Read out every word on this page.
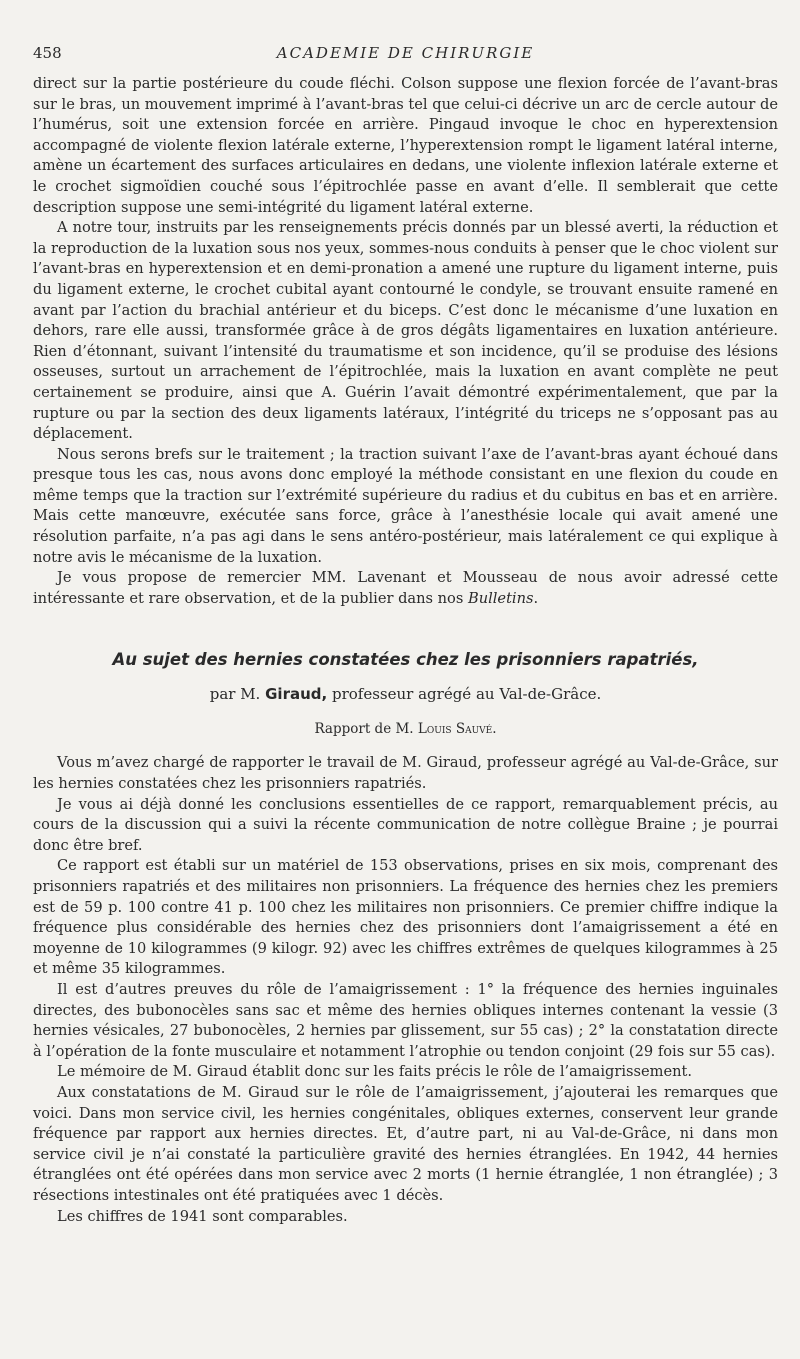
458	ACADEMIE DE CHIRURGIE

direct sur la partie postérieure du coude fléchi. Colson suppose une flexion forcée de l’avant-bras sur le bras, un mouvement imprimé à l’avant-bras tel que celui-ci décrive un arc de cercle autour de l’humérus, soit une extension forcée en arrière. Pingaud invoque le choc en hyperextension accompagné de violente flexion latérale externe, l’hyperextension rompt le ligament latéral interne, amène un écartement des surfaces articulaires en dedans, une violente inflexion latérale externe et le crochet sigmoïdien couché sous l’épitrochlée passe en avant d’elle. Il semblerait que cette description suppose une semi-intégrité du ligament latéral externe.

A notre tour, instruits par les renseignements précis donnés par un blessé averti, la réduction et la reproduction de la luxation sous nos yeux, sommes-nous conduits à penser que le choc violent sur l’avant-bras en hyperextension et en demi-pronation a amené une rupture du ligament interne, puis du ligament externe, le crochet cubital ayant contourné le condyle, se trouvant ensuite ramené en avant par l’action du brachial antérieur et du biceps. C’est donc le mécanisme d’une luxation en dehors, rare elle aussi, transformée grâce à de gros dégâts ligamentaires en luxation antérieure. Rien d’étonnant, suivant l’intensité du traumatisme et son incidence, qu’il se produise des lésions osseuses, surtout un arrachement de l’épitrochlée, mais la luxation en avant complète ne peut certainement se produire, ainsi que A. Guérin l’avait démontré expérimentalement, que par la rupture ou par la section des deux ligaments latéraux, l’intégrité du triceps ne s’opposant pas au déplacement.

Nous serons brefs sur le traitement ; la traction suivant l’axe de l’avant-bras ayant échoué dans presque tous les cas, nous avons donc employé la méthode consistant en une flexion du coude en même temps que la traction sur l’extrémité supérieure du radius et du cubitus en bas et en arrière. Mais cette manœuvre, exécutée sans force, grâce à l’anesthésie locale qui avait amené une résolution parfaite, n’a pas agi dans le sens antéro-postérieur, mais latéralement ce qui explique à notre avis le mécanisme de la luxation.

Je vous propose de remercier MM. Lavenant et Mousseau de nous avoir adressé cette intéressante et rare observation, et de la publier dans nos Bulletins.

Au sujet des hernies constatées chez les prisonniers rapatriés,
par M. Giraud, professeur agrégé au Val-de-Grâce.
Rapport de M. Louis Sauvé.

Vous m’avez chargé de rapporter le travail de M. Giraud, professeur agrégé au Val-de-Grâce, sur les hernies constatées chez les prisonniers rapatriés.

Je vous ai déjà donné les conclusions essentielles de ce rapport, remarquablement précis, au cours de la discussion qui a suivi la récente communication de notre collègue Braine ; je pourrai donc être bref.

Ce rapport est établi sur un matériel de 153 observations, prises en six mois, comprenant des prisonniers rapatriés et des militaires non prisonniers. La fréquence des hernies chez les premiers est de 59 p. 100 contre 41 p. 100 chez les militaires non prisonniers. Ce premier chiffre indique la fréquence plus considérable des hernies chez des prisonniers dont l’amaigrissement a été en moyenne de 10 kilogrammes (9 kilogr. 92) avec les chiffres extrêmes de quelques kilogrammes à 25 et même 35 kilogrammes.

Il est d’autres preuves du rôle de l’amaigrissement : 1° la fréquence des hernies inguinales directes, des bubonocèles sans sac et même des hernies obliques internes contenant la vessie (3 hernies vésicales, 27 bubonocèles, 2 hernies par glissement, sur 55 cas) ; 2° la constatation directe à l’opération de la fonte musculaire et notamment l’atrophie ou tendon conjoint (29 fois sur 55 cas).

Le mémoire de M. Giraud établit donc sur les faits précis le rôle de l’amaigrissement.

Aux constatations de M. Giraud sur le rôle de l’amaigrissement, j’ajouterai les remarques que voici. Dans mon service civil, les hernies congénitales, obliques externes, conservent leur grande fréquence par rapport aux hernies directes. Et, d’autre part, ni au Val-de-Grâce, ni dans mon service civil je n’ai constaté la particulière gravité des hernies étranglées. En 1942, 44 hernies étranglées ont été opérées dans mon service avec 2 morts (1 hernie étranglée, 1 non étranglée) ; 3 résections intestinales ont été pratiquées avec 1 décès.

Les chiffres de 1941 sont comparables.
